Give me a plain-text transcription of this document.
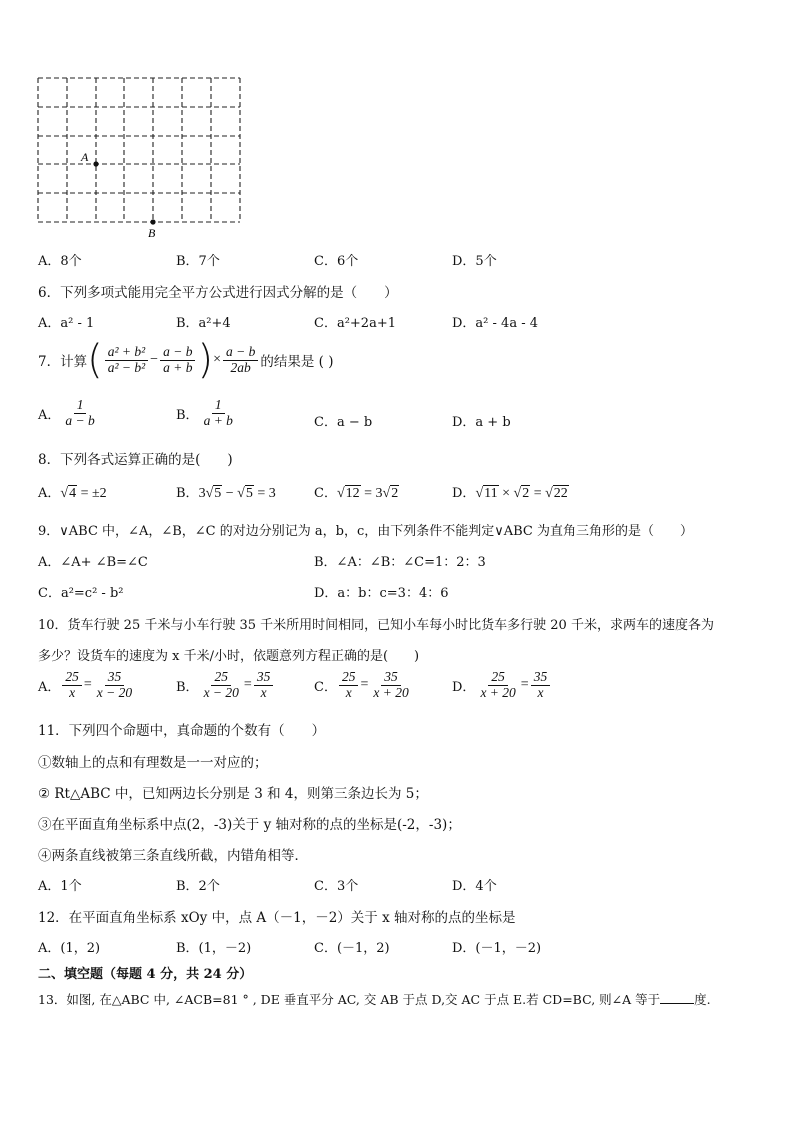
A
B
A．8个	B．7个	C．6个	D．5个
6．下列多项式能用完全平方公式进行因式分解的是（　　）
A．a² - 1	B．a²+4	C．a²+2a+1	D．a² - 4a - 4
7．计算 ( $\frac{\text{a² + b²}}{\text{a² − b²}} - \frac{a - b}{a + b}$ ) × $\frac{a - b}{2ab}$ 的结果是 ( )
A． $\frac{1}{a - b}$	B． $\frac{1}{a + b}$	C．a − b	D．a + b
8．下列各式运算正确的是(　　)
A．√4 = ±2	B．3√5 − √5 = 3	C．√12 = 3√2	D．√11 × √2 = √22
9．∨ABC 中，∠A，∠B，∠C 的对边分别记为 a，b，c，由下列条件不能判定∨ABC 为直角三角形的是（　　）
A．∠A+ ∠B=∠C	B．∠A：∠B：∠C=1：2：3
C．a²=c² - b²	D．a：b：c=3：4：6
10．货车行驶 25 千米与小车行驶 35 千米所用时间相同，已知小车每小时比货车多行驶 20 千米，求两车的速度各为
多少？设货车的速度为 x 千米/小时，依题意列方程正确的是(　　)
A． $\frac{25}{x} = \frac{35}{x - 20}$	B． $\frac{25}{x - 20} = \frac{35}{x}$	C． $\frac{25}{x} = \frac{35}{x + 20}$	D． $\frac{25}{x + 20} = \frac{35}{x}$
11．下列四个命题中，真命题的个数有（　　）
①数轴上的点和有理数是一一对应的；
② Rt△ABC 中，已知两边长分别是 3 和 4，则第三条边长为 5；
③在平面直角坐标系中点(2，-3)关于 y 轴对称的点的坐标是(-2，-3)；
④两条直线被第三条直线所截，内错角相等．
A．1个	B．2个	C．3个	D．4个
12．在平面直角坐标系 xOy 中，点 A（－1，－2）关于 x 轴对称的点的坐标是
A．(1，2)	B．(1，－2)	C．(－1，2)	D．(－1，－2)
二、填空题（每题 4 分，共 24 分）
13．如图, 在△ABC 中, ∠ACB=81 ° , DE 垂直平分 AC, 交 AB 于点 D,交 AC 于点 E.若 CD=BC, 则∠A 等于	度.
